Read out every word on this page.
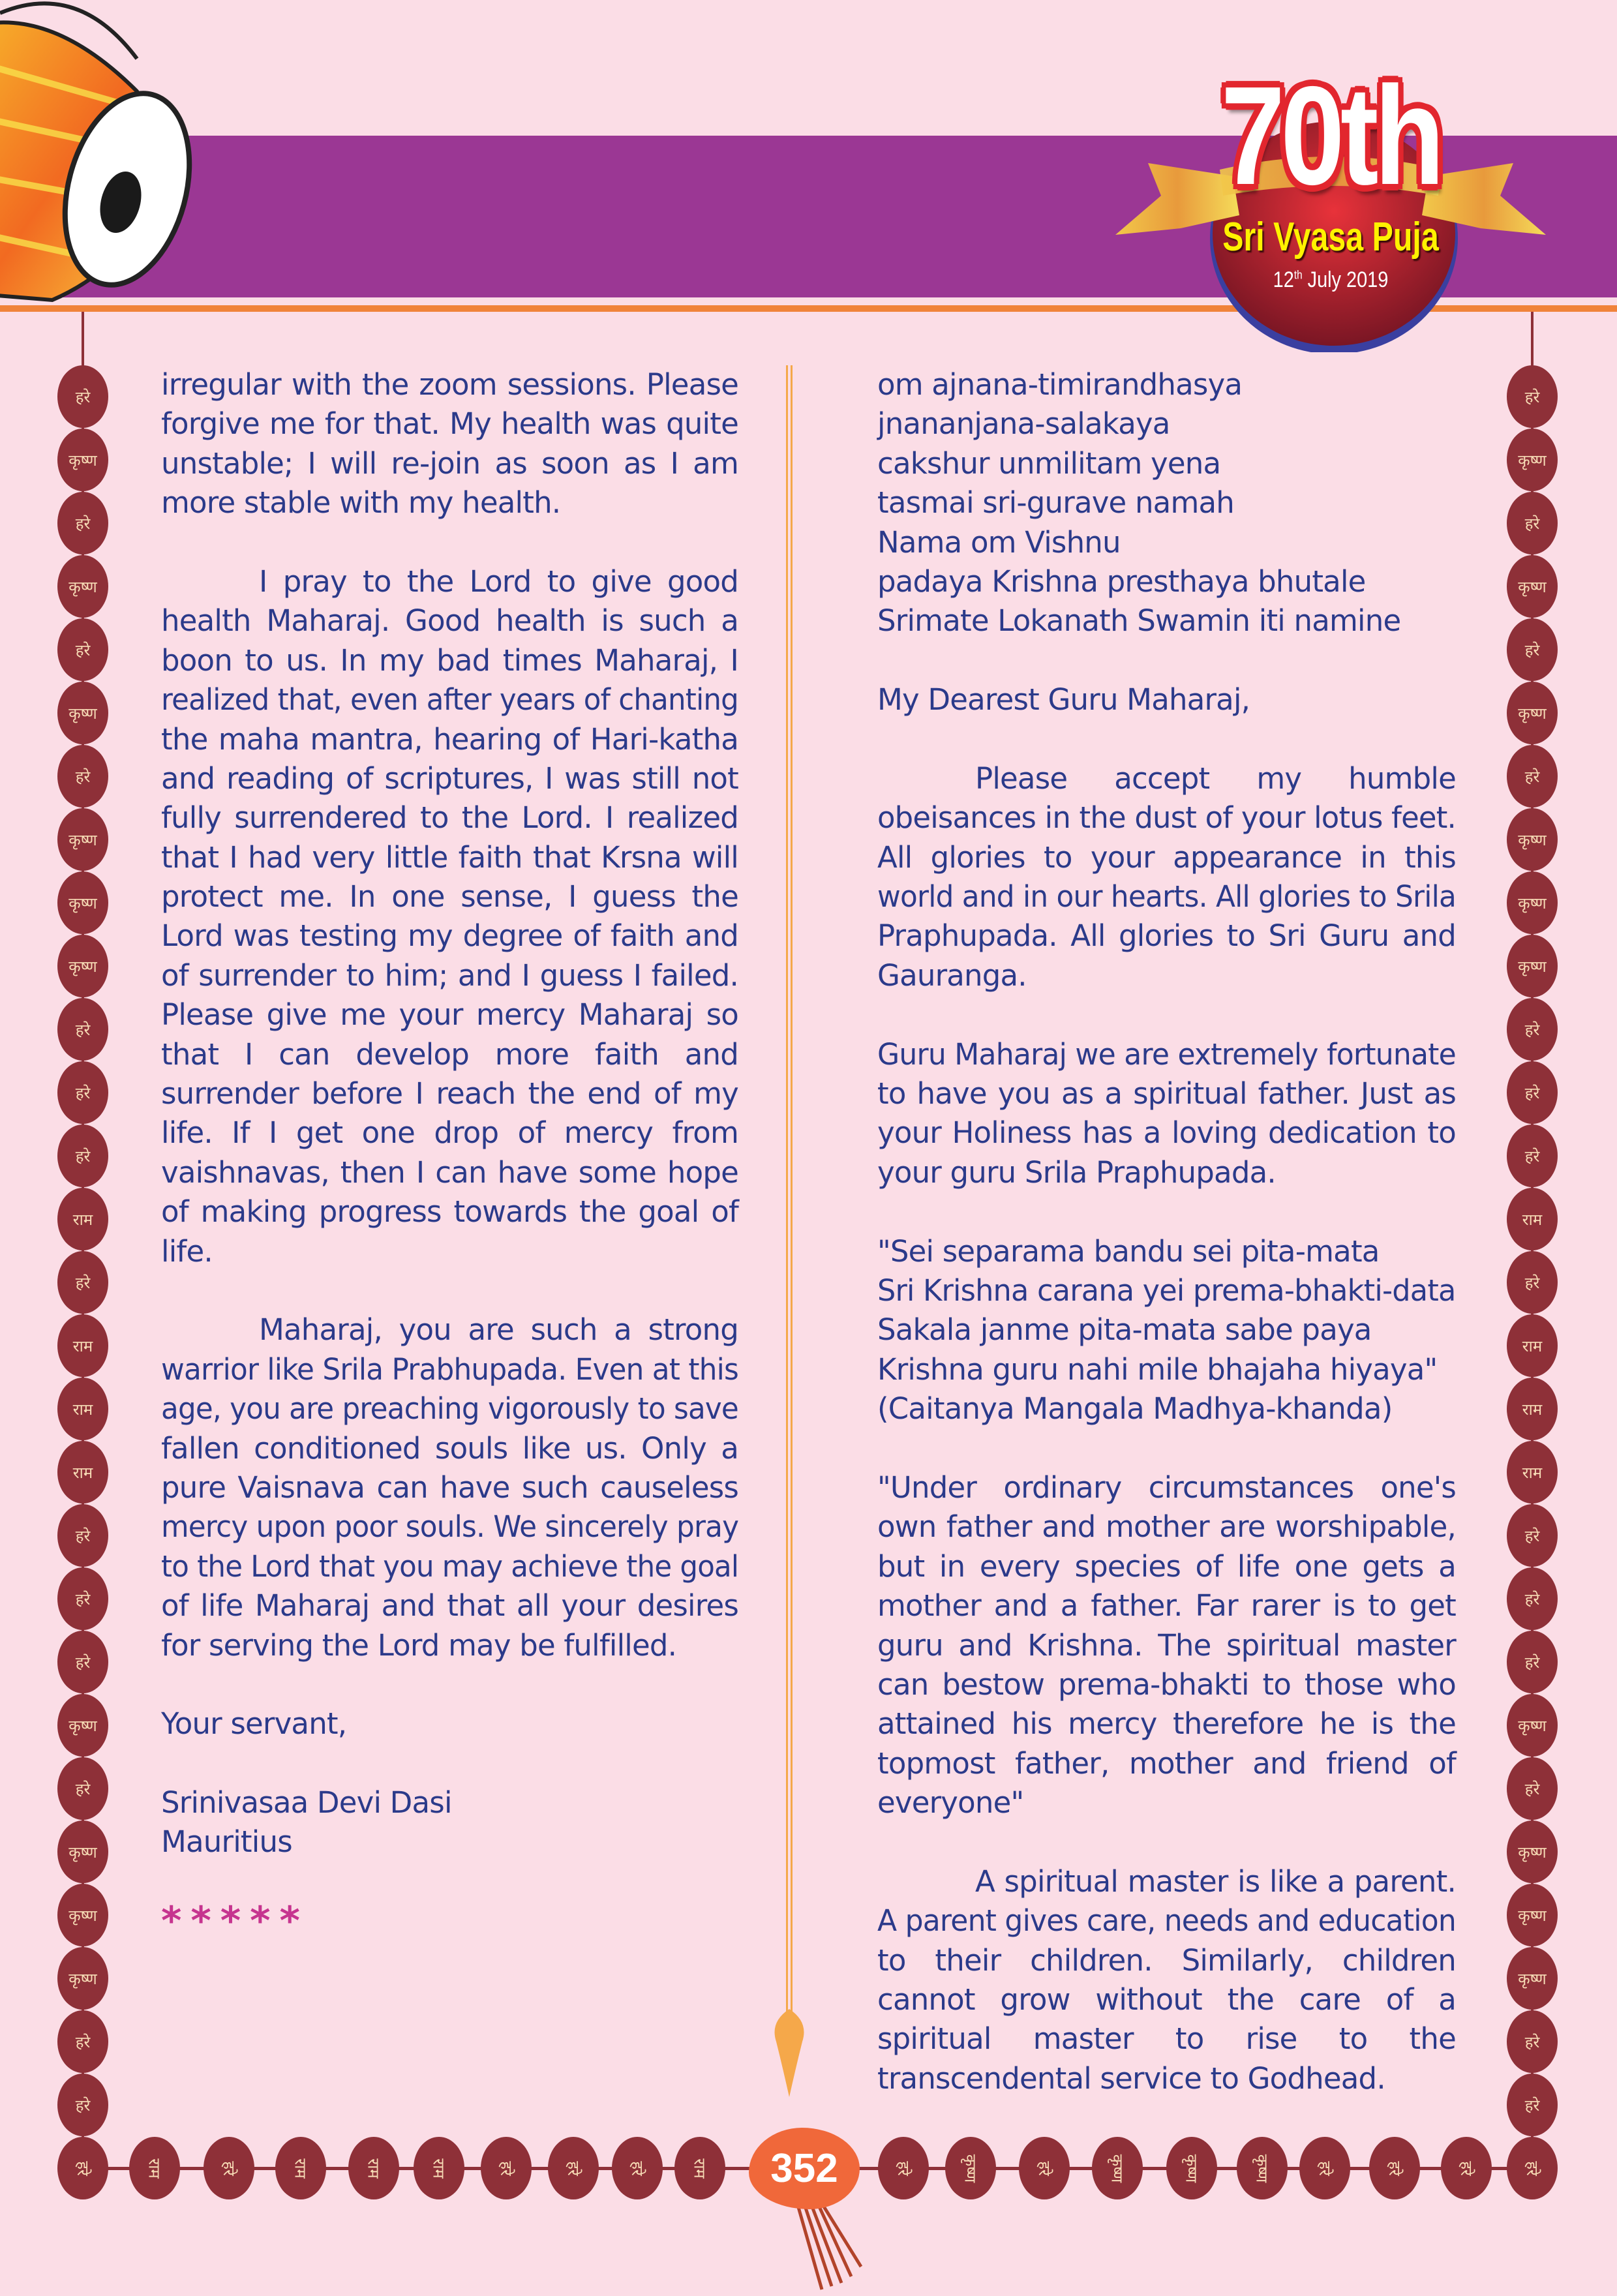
70th
Sri Vyasa Puja
12th July 2019
हरे
कृष्ण
हरे
कृष्ण
हरे
कृष्ण
हरे
कृष्ण
कृष्ण
कृष्ण
हरे
हरे
हरे
राम
हरे
राम
राम
राम
हरे
हरे
हरे
कृष्ण
हरे
कृष्ण
कृष्ण
कृष्ण
हरे
हरे
हरे
कृष्ण
हरे
कृष्ण
हरे
कृष्ण
हरे
कृष्ण
कृष्ण
कृष्ण
हरे
हरे
हरे
राम
हरे
राम
राम
राम
हरे
हरे
हरे
कृष्ण
हरे
कृष्ण
कृष्ण
कृष्ण
हरे
हरे
हरे	राम	हरे	राम	राम	राम	हरे	हरे	हरे	राम	हरे	कृष्ण	हरे	कृष्ण	कृष्ण	कृष्ण	हरे	हरे	हरे	हरे
irregular with the zoom sessions. Please
forgive me for that. My health was quite
unstable; I will re-join as soon as I am
more stable with my health.
I pray to the Lord to give good
health Maharaj. Good health is such a
boon to us. In my bad times Maharaj, I
realized that, even after years of chanting
the maha mantra, hearing of Hari-katha
and reading of scriptures, I was still not
fully surrendered to the Lord. I realized
that I had very little faith that Krsna will
protect me. In one sense, I guess the
Lord was testing my degree of faith and
of surrender to him; and I guess I failed.
Please give me your mercy Maharaj so
that I can develop more faith and
surrender before I reach the end of my
life. If I get one drop of mercy from
vaishnavas, then I can have some hope
of making progress towards the goal of
life.
Maharaj, you are such a strong
warrior like Srila Prabhupada. Even at this
age, you are preaching vigorously to save
fallen conditioned souls like us. Only a
pure Vaisnava can have such causeless
mercy upon poor souls. We sincerely pray
to the Lord that you may achieve the goal
of life Maharaj and that all your desires
for serving the Lord may be fulfilled.
Your servant,
Srinivasaa Devi Dasi
Mauritius
*****
om ajnana-timirandhasya
jnananjana-salakaya
cakshur unmilitam yena
tasmai sri-gurave namah
Nama om Vishnu
padaya Krishna presthaya bhutale
Srimate Lokanath Swamin iti namine
My Dearest Guru Maharaj,
Please accept my humble
obeisances in the dust of your lotus feet.
All glories to your appearance in this
world and in our hearts. All glories to Srila
Praphupada. All glories to Sri Guru and
Gauranga.
Guru Maharaj we are extremely fortunate
to have you as a spiritual father. Just as
your Holiness has a loving dedication to
your guru Srila Praphupada.
"Sei separama bandu sei pita-mata
Sri Krishna carana yei prema-bhakti-data
Sakala janme pita-mata sabe paya
Krishna guru nahi mile bhajaha hiyaya"
(Caitanya Mangala Madhya-khanda)
"Under ordinary circumstances one's
own father and mother are worshipable,
but in every species of life one gets a
mother and a father. Far rarer is to get
guru and Krishna. The spiritual master
can bestow prema-bhakti to those who
attained his mercy therefore he is the
topmost father, mother and friend of
everyone"
A spiritual master is like a parent.
A parent gives care, needs and education
to their children. Similarly, children
cannot grow without the care of a
spiritual master to rise to the
transcendental service to Godhead.
352
